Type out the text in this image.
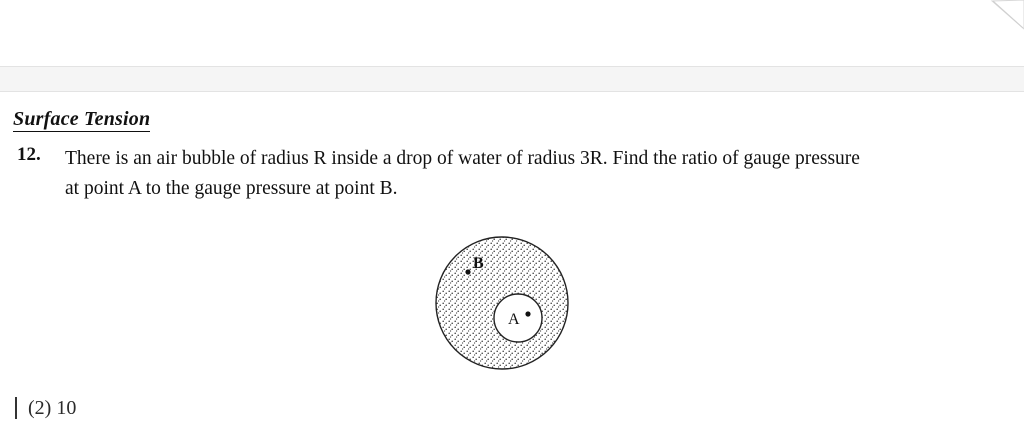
Surface Tension
12. There is an air bubble of radius R inside a drop of water of radius 3R. Find the ratio of gauge pressure
at point A to the gauge pressure at point B.
B
A
(2) 10
